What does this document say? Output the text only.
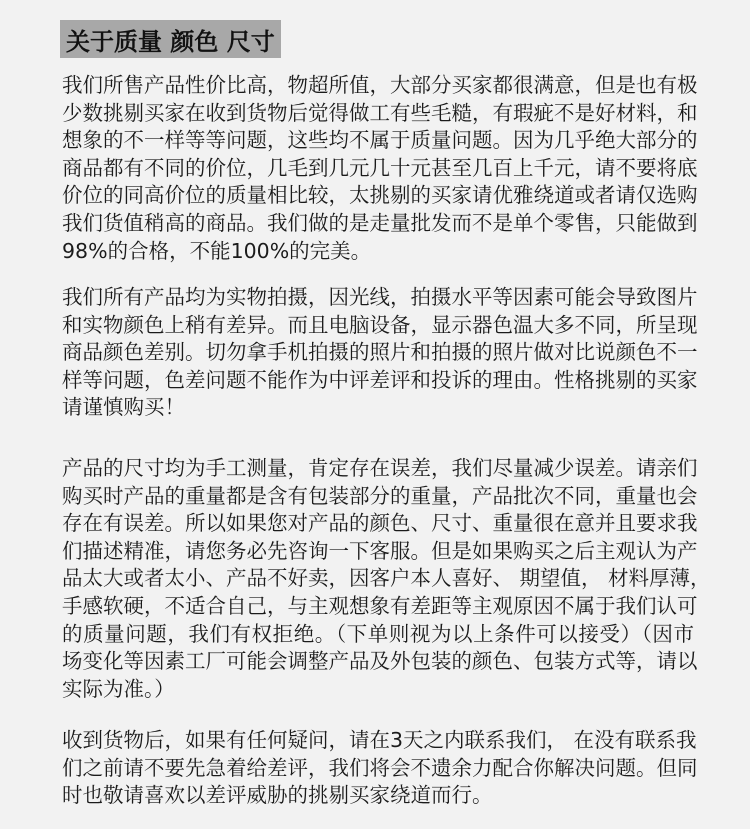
关于质量 颜色 尺寸
我们所售产品性价比高，物超所值，大部分买家都很满意，但是也有极
少数挑剔买家在收到货物后觉得做工有些毛糙，有瑕疵不是好材料，和
想象的不一样等等问题，这些均不属于质量问题。因为几乎绝大部分的
商品都有不同的价位，几毛到几元几十元甚至几百上千元，请不要将底
价位的同高价位的质量相比较，太挑剔的买家请优雅绕道或者请仅选购
我们货值稍高的商品。我们做的是走量批发而不是单个零售，只能做到
98%的合格，不能100%的完美。
我们所有产品均为实物拍摄，因光线，拍摄水平等因素可能会导致图片
和实物颜色上稍有差异。而且电脑设备，显示器色温大多不同，所呈现
商品颜色差别。切勿拿手机拍摄的照片和拍摄的照片做对比说颜色不一
样等问题，色差问题不能作为中评差评和投诉的理由。性格挑剔的买家
请谨慎购买！
产品的尺寸均为手工测量，肯定存在误差，我们尽量减少误差。请亲们
购买时产品的重量都是含有包装部分的重量，产品批次不同，重量也会
存在有误差。所以如果您对产品的颜色、尺寸、重量很在意并且要求我
们描述精准，请您务必先咨询一下客服。但是如果购买之后主观认为产
品太大或者太小、产品不好卖，因客户本人喜好、 期望值， 材料厚薄，
手感软硬，不适合自己，与主观想象有差距等主观原因不属于我们认可
的质量问题，我们有权拒绝。（下单则视为以上条件可以接受）（因市
场变化等因素工厂可能会调整产品及外包装的颜色、包装方式等，请以
实际为准。）
收到货物后，如果有任何疑问，请在3天之内联系我们， 在没有联系我
们之前请不要先急着给差评，我们将会不遗余力配合你解决问题。但同
时也敬请喜欢以差评威胁的挑剔买家绕道而行。
